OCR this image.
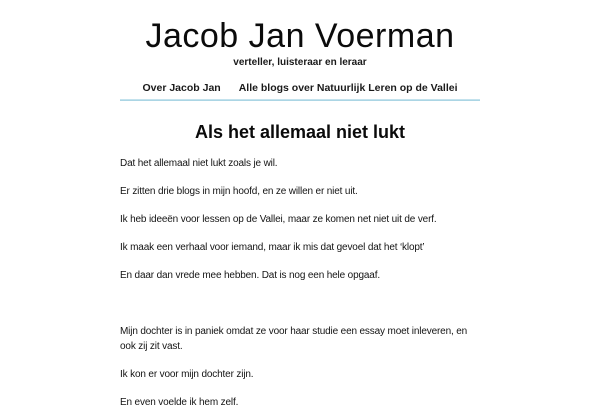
Jacob Jan Voerman
verteller, luisteraar en leraar
Over Jacob Jan Alle blogs over Natuurlijk Leren op de Vallei
Als het allemaal niet lukt

Dat het allemaal niet lukt zoals je wil.

Er zitten drie blogs in mijn hoofd, en ze willen er niet uit.

Ik heb ideeën voor lessen op de Vallei, maar ze komen net niet uit de verf.

Ik maak een verhaal voor iemand, maar ik mis dat gevoel dat het ‘klopt’

En daar dan vrede mee hebben. Dat is nog een hele opgaaf.

Mijn dochter is in paniek omdat ze voor haar studie een essay moet inleveren, en ook zij zit vast.

Ik kon er voor mijn dochter zijn.

En even voelde ik hem zelf.
